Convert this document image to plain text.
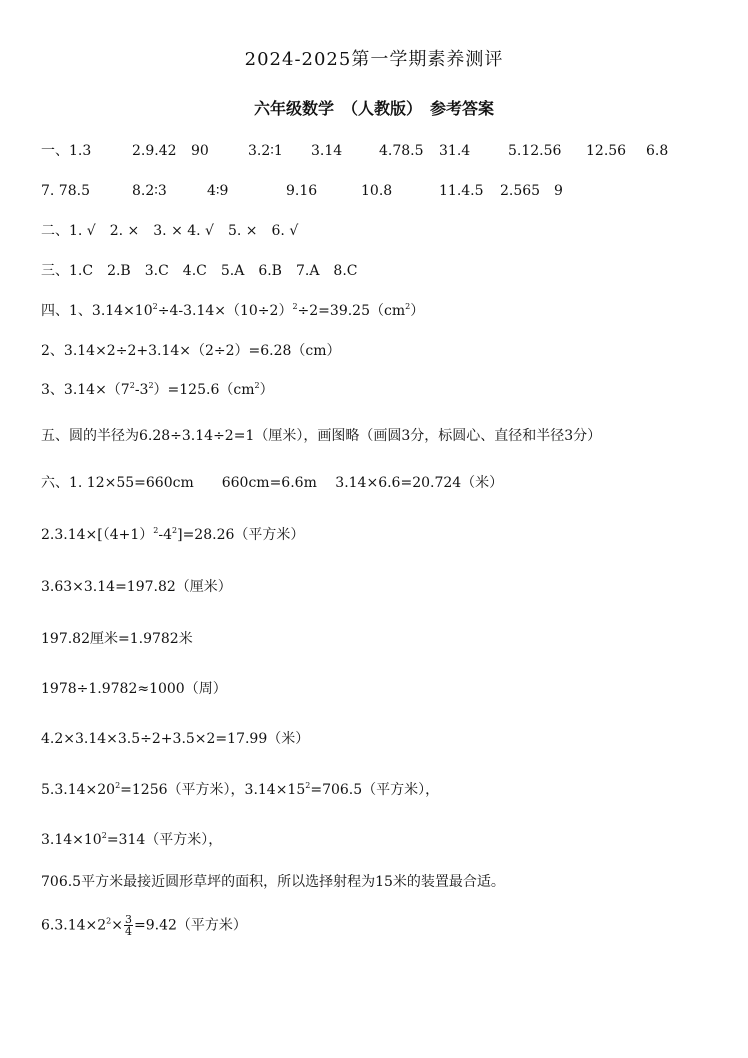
2024-2025第一学期素养测评
六年级数学　（人教版）　参考答案

一、1.3

	2.9.42

90

	3.2∶1

3.14

	4.78.5

31.4

	5.12.56

12.56

6.8

7. 78.5

	8.2∶3

	4∶9

	9.16

	10.8

	11.4.5

2.565

9

二、1. √　2. ×　3. × 4. √　5. ×　6. √
三、1.C　2.B　3.C　4.C　5.A　6.B　7.A　8.C
四、1、$3.14\times 10^2\div 4-3.14\times(10\div 2)^2\div 2=39.25(cm^2)$
2、3.14×2÷2+3.14×（2÷2）=6.28（cm）
3、$3.14\times(7^2-3^2)=125.6(cm^2)$
五、圆的半径为6.28÷3.14÷2=1（厘米），画图略（画圆3分，标圆心、直径和半径3分）
六、1. 12×55=660cm　　660cm=6.6m　 3.14×6.6=20.724（米）
$2.3.14\times[(4+1)^2-4^2]=28.26$（平方米）
3.63×3.14=197.82（厘米）
197.82厘米=1.9782米
1978÷1.9782≈1000（周）
4.2×3.14×3.5÷2+3.5×2=17.99（米）
$5.3.14\times 20^2=1256$（平方米），$3.14\times 15^2=706.5$（平方米），
$3.14\times 10^2=314$（平方米），
706.5平方米最接近圆形草坪的面积，所以选择射程为15米的装置最合适。
$6.3.14\times 2^2\times \frac{3}{4} =9.42$（平方米）
